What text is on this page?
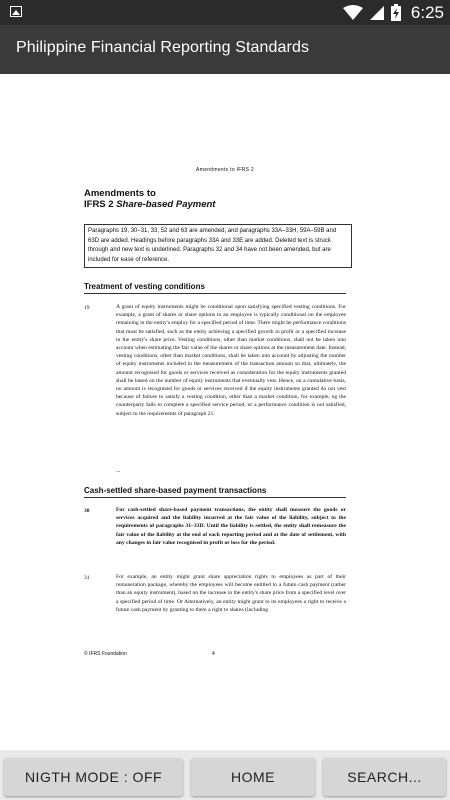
6:25
Philippine Financial Reporting Standards
Amendments to IFRS 2
Amendments to
IFRS 2 Share-based Payment
Paragraphs 19, 30–31, 33, 52 and 63 are amended, and paragraphs 33A–33H, 59A–59B and 63D are added. Headings before paragraphs 33A and 33E are added. Deleted text is struck through and new text is underlined. Paragraphs 32 and 34 have not been amended, but are included for ease of reference.
Treatment of vesting conditions
19	A grant of equity instruments might be conditional upon satisfying specified vesting conditions. For example, a grant of shares or share options to an employee is typically conditional on the employee remaining in the entity's employ for a specified period of time. There might be performance conditions that must be satisfied, such as the entity achieving a specified growth in profit or a specified increase in the entity's share price. Vesting conditions, other than market conditions, shall not be taken into account when estimating the fair value of the shares or share options at the measurement date. Instead, vesting conditions, other than market conditions, shall be taken into account by adjusting the number of equity instruments included in the measurement of the transaction amount so that, ultimately, the amount recognised for goods or services received as consideration for the equity instruments granted shall be based on the number of equity instruments that eventually vest. Hence, on a cumulative basis, no amount is recognised for goods or services received if the equity instruments granted do not vest because of failure to satisfy a vesting condition, other than a market condition, for example, eg the counterparty fails to complete a specified service period, or a performance condition is not satisfied, subject to the requirements of paragraph 21.
...
Cash-settled share-based payment transactions
30	For cash-settled share-based payment transactions, the entity shall measure the goods or services acquired and the liability incurred at the fair value of the liability, subject to the requirements of paragraphs 31–33D. Until the liability is settled, the entity shall remeasure the fair value of the liability at the end of each reporting period and at the date of settlement, with any changes in fair value recognised in profit or loss for the period.
31	For example, an entity might grant share appreciation rights to employees as part of their remuneration package, whereby the employees will become entitled to a future cash payment (rather than an equity instrument), based on the increase in the entity's share price from a specified level over a specified period of time. Or Alternatively, an entity might grant to its employees a right to receive a future cash payment by granting to them a right to shares (including
© IFRS Foundation	4
NIGTH MODE : OFF	HOME	SEARCH...
